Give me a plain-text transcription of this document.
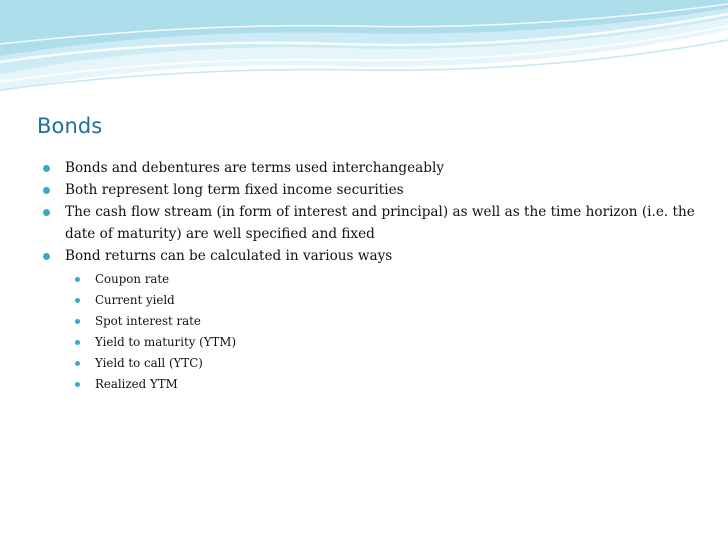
Bonds
Bonds and debentures are terms used interchangeably
Both represent long term fixed income securities
The cash flow stream (in form of interest and principal) as well as the time horizon (i.e. the date of maturity) are well specified and fixed
Bond returns can be calculated in various ways
Coupon rate
Current yield
Spot interest rate
Yield to maturity (YTM)
Yield to call (YTC)
Realized YTM
